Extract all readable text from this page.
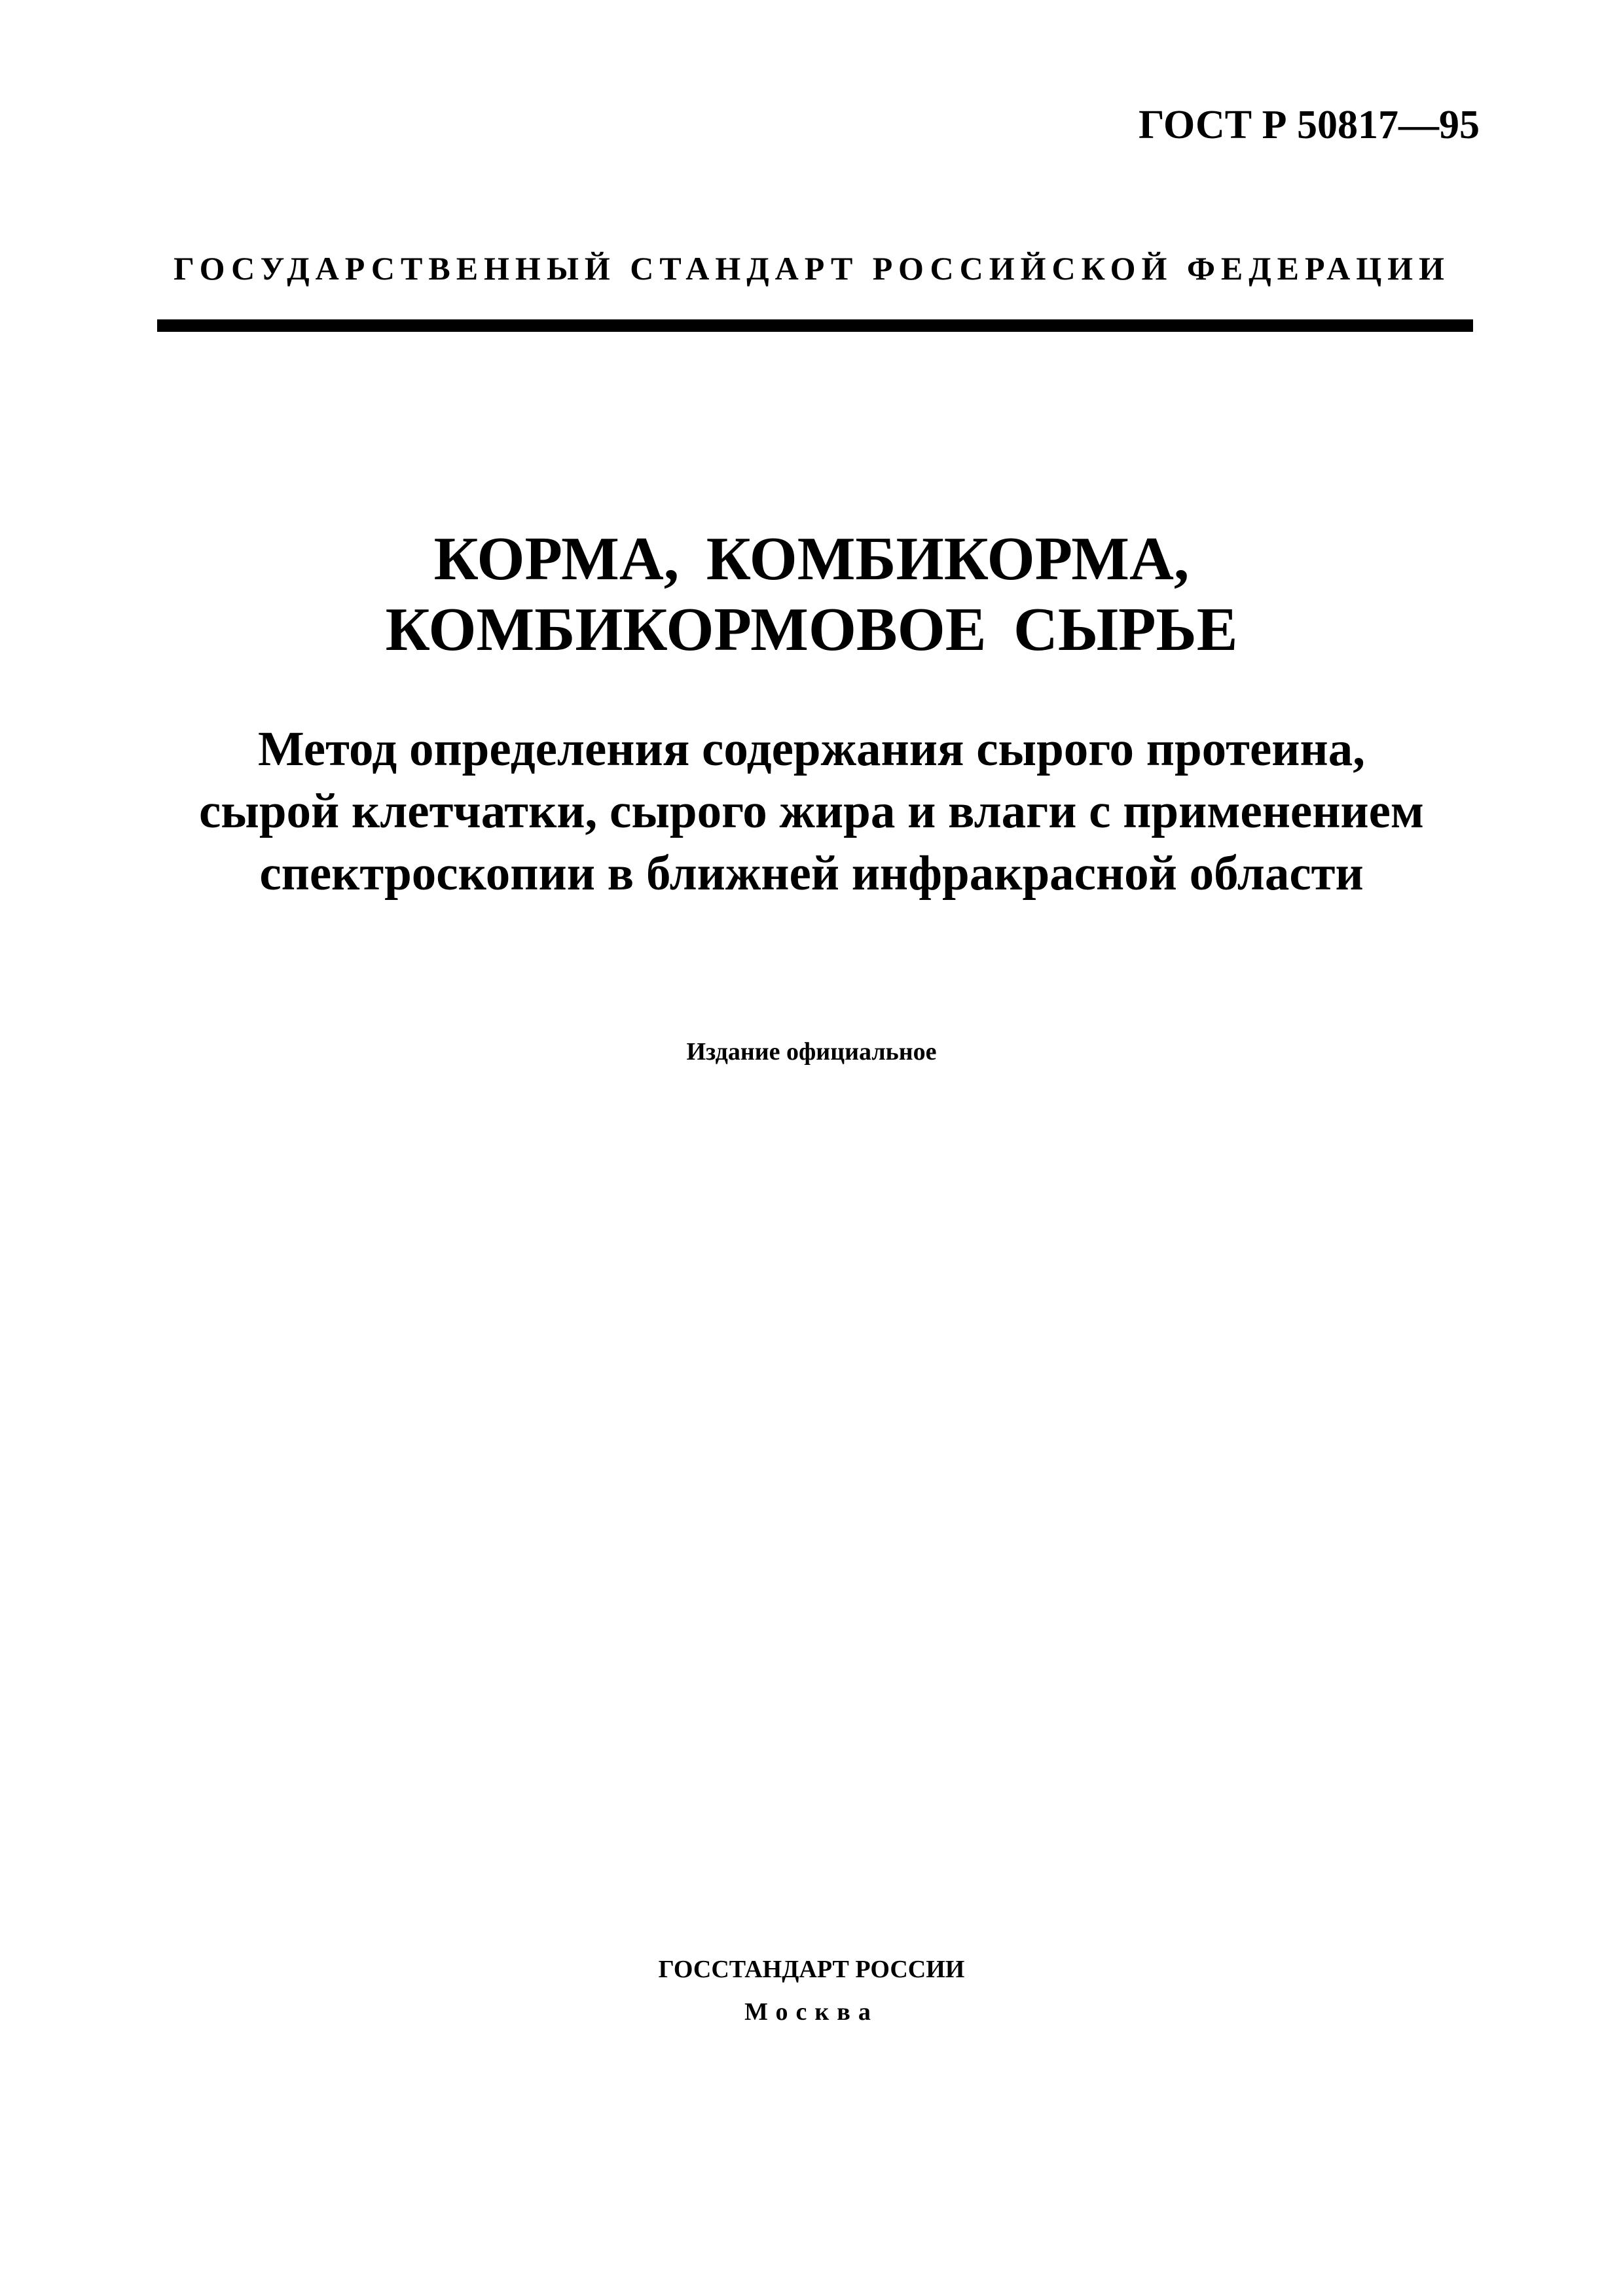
ГОСТ Р 50817—95
ГОСУДАРСТВЕННЫЙ СТАНДАРТ РОССИЙСКОЙ ФЕДЕРАЦИИ
КОРМА, КОМБИКОРМА,
КОМБИКОРМОВОЕ СЫРЬЕ
Метод определения содержания сырого протеина,
сырой клетчатки, сырого жира и влаги с применением
спектроскопии в ближней инфракрасной области
Издание официальное
ГОССТАНДАРТ РОССИИ
Москва
